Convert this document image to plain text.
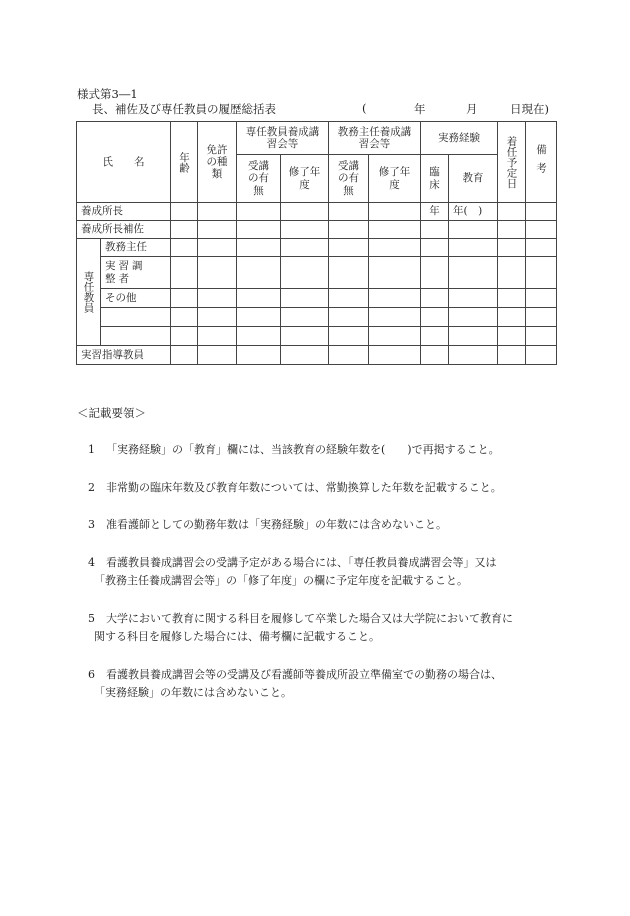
様式第3―1
長、補佐及び専任教員の履歴総括表	(	年	月	日現在)
氏　　名		年齢	免許の種類	専任教員養成講習会等		教務主任養成講習会等		実務経験		着任予定日	備考

				受講の有無	修了年度	受講の有無	修了年度	臨床	教育		
養成所長								年	年(　)		
養成所長補佐											

専任教員	教務主任										

	実習調整者										

	その他										

実習指導教員											
＜記載要領＞
1 「実務経験」の「教育」欄には、当該教育の経験年数を(　　)で再掲すること。
2 非常勤の臨床年数及び教育年数については、常勤換算した年数を記載すること。
3 准看護師としての勤務年数は「実務経験」の年数には含めないこと。
4 看護教員養成講習会の受講予定がある場合には、「専任教員養成講習会等」又は
「教務主任養成講習会等」の「修了年度」の欄に予定年度を記載すること。
5 大学において教育に関する科目を履修して卒業した場合又は大学院において教育に
関する科目を履修した場合には、備考欄に記載すること。
6 看護教員養成講習会等の受講及び看護師等養成所設立準備室での勤務の場合は、
「実務経験」の年数には含めないこと。
